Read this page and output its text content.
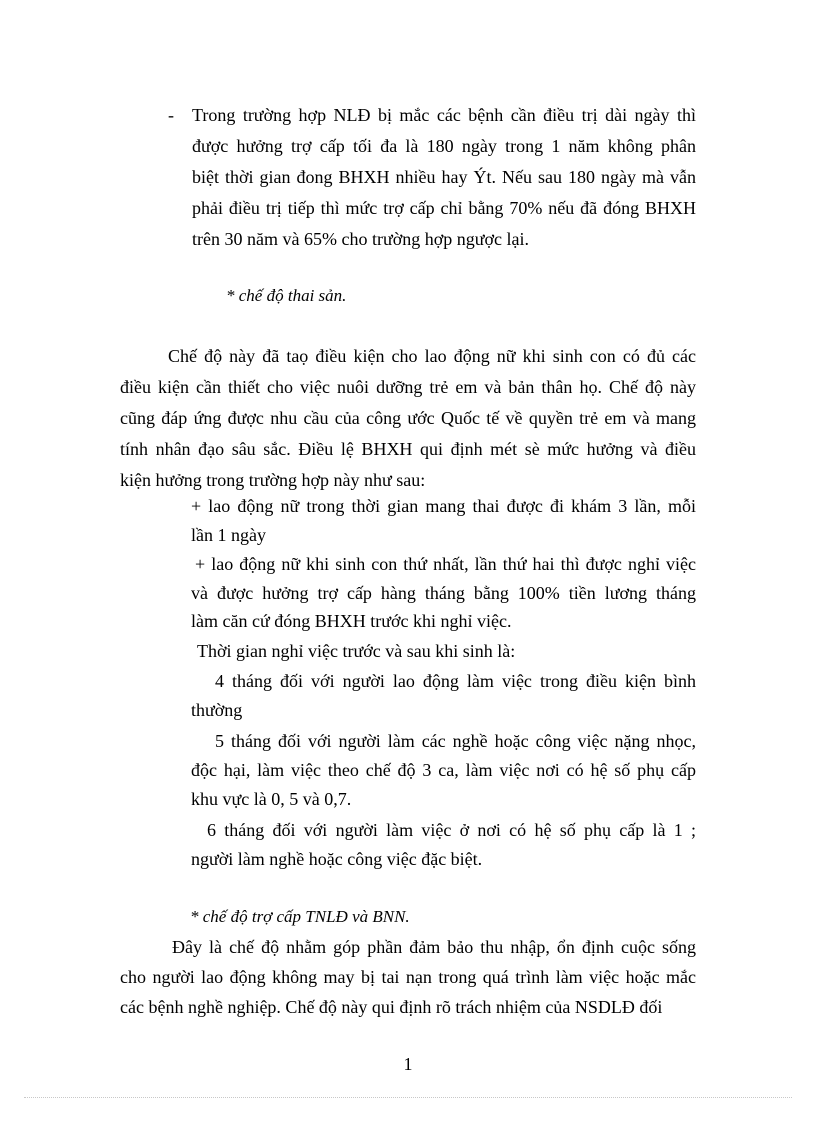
- Trong trường hợp NLĐ bị mắc các bệnh cần điều trị dài ngày thì
được hưởng trợ cấp tối đa là 180 ngày trong 1 năm không phân
biệt thời gian đong BHXH nhiều hay Ýt. Nếu sau 180 ngày mà vẫn
phải điều trị tiếp thì mức trợ cấp chỉ bằng 70% nếu đã đóng BHXH
trên 30 năm và 65% cho trường hợp ngược lại.
* chế độ thai sản.
Chế độ này đã taọ điều kiện cho lao động nữ khi sinh con có đủ các
điều kiện cần thiết cho việc nuôi dưỡng trẻ em và bản thân họ. Chế độ này
cũng đáp ứng được nhu cầu của công ước Quốc tế về quyền trẻ em và mang
tính nhân đạo sâu sắc. Điều lệ BHXH qui định mét sè mức hưởng và điều
kiện hưởng trong trường hợp này như sau:
+ lao động nữ trong thời gian mang thai được đi khám 3 lần, mỗi
lần 1 ngày
+ lao động nữ khi sinh con thứ nhất, lần thứ hai thì được nghỉ việc
và được hưởng trợ cấp hàng tháng bằng 100% tiền lương tháng
làm căn cứ đóng BHXH trước khi nghỉ việc.
Thời gian nghỉ việc trước và sau khi sinh là:
4 tháng đối với người lao động làm việc trong điều kiện bình
thường
5 tháng đối với người làm các nghề hoặc công việc nặng nhọc,
độc hại, làm việc theo chế độ 3 ca, làm việc nơi có hệ số phụ cấp
khu vực là 0, 5 và 0,7.
6 tháng đối với người làm việc ở nơi có hệ số phụ cấp là 1 ;
người làm nghề hoặc công việc đặc biệt.
* chế độ trợ cấp TNLĐ và BNN.
Đây là chế độ nhằm góp phần đảm bảo thu nhập, ổn định cuộc sống
cho người lao động không may bị tai nạn trong quá trình làm việc hoặc mắc
các bệnh nghề nghiệp. Chế độ này qui định rõ trách nhiệm của NSDLĐ đối
1
